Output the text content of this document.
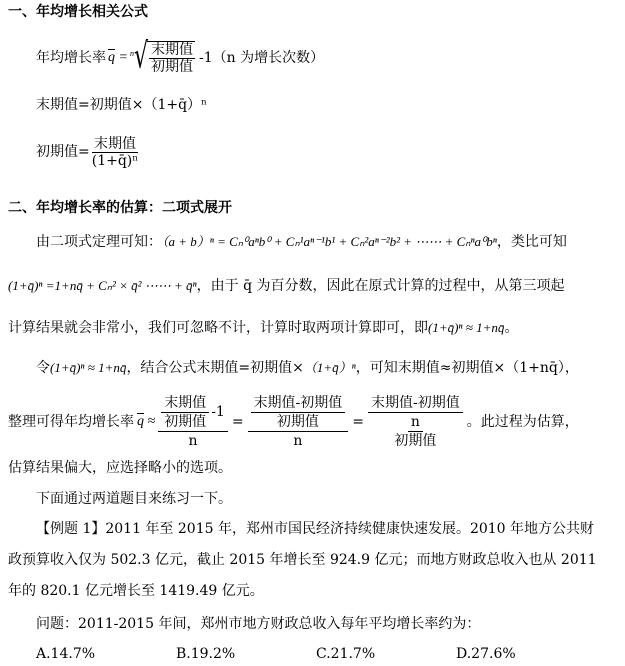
一、年均增长相关公式
年均增长率 $\overline{q} = n$ √ $\frac{\text{末期值}}{\text{初期值}} -1(n$ 为增长次数）
末期值=初期值×（1+q̄）ⁿ
初期值= $\frac{\text{末期值}}{\text{(1+q̄)ⁿ}}$
二、年均增长率的估算：二项式展开
由二项式定理可知：（a + b）ⁿ = Cₙ⁰aⁿb⁰ + Cₙ¹aⁿ⁻¹b¹ + Cₙ²aⁿ⁻²b² + ⋯⋯ + Cₙⁿa⁰bⁿ，类比可知
(1+q̄)ⁿ =1+nq̄ + Cₙ² × q̄² ⋯⋯ + q̄ⁿ，由于 q̄ 为百分数，因此在原式计算的过程中，从第三项起
计算结果就会非常小，我们可忽略不计，计算时取两项计算即可，即(1+q̄)ⁿ ≈ 1+nq̄。
令(1+q̄)ⁿ ≈ 1+nq̄，结合公式末期值=初期值×（1+q̄）ⁿ，可知末期值≈初期值×（1+nq̄），
整理可得年均增长率 $\overline{q} \approx \frac{\frac{\text{末期值}}{\text{初期值}} -1}{n} = \frac{\frac{\text{末期值-初期值}}{\text{初期值}}}{n} = \frac{\text{末期值-初期值}}{\frac{n}{\text{初期值}}}$ 。此过程为估算，
估算结果偏大，应选择略小的选项。
下面通过两道题目来练习一下。
【例题 1】2011 年至 2015 年，郑州市国民经济持续健康快速发展。2010 年地方公共财
政预算收入仅为 502.3 亿元，截止 2015 年增长至 924.9 亿元；而地方财政总收入也从 2011
年的 820.1 亿元增长至 1419.49 亿元。
问题：2011-2015 年间，郑州市地方财政总收入每年平均增长率约为：
A.14.7%	B.19.2%	C.21.7%	D.27.6%
